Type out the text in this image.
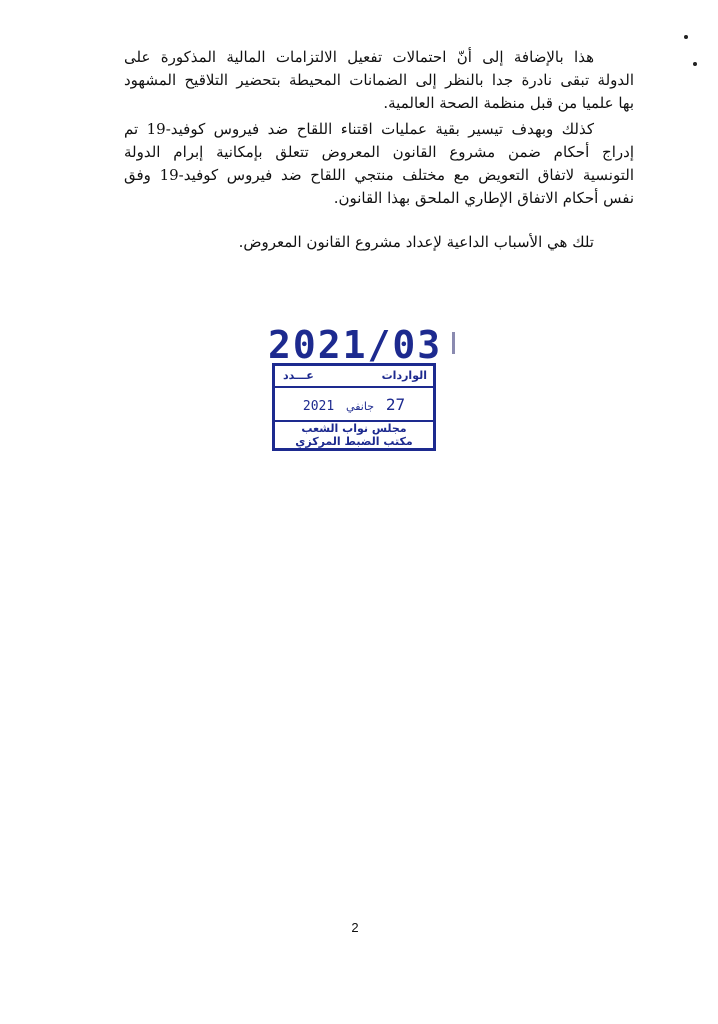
هذا بالإضافة إلى أنّ احتمالات تفعيل الالتزامات المالية المذكورة على
الدولة تبقى نادرة جدا بالنظر إلى الضمانات المحيطة بتحضير التلاقيح المشهود
بها علميا من قبل منظمة الصحة العالمية.
كذلك وبهدف تيسير بقية عمليات اقتناء اللقاح ضد فيروس كوفيد-19 تم
إدراج أحكام ضمن مشروع القانون المعروض تتعلق بإمكانية إبرام الدولة
التونسية لاتفاق التعويض مع مختلف منتجي اللقاح ضد فيروس كوفيد-19 وفق
نفس أحكام الاتفاق الإطاري الملحق بهذا القانون.
تلك هي الأسباب الداعية لإعداد مشروع القانون المعروض.
2021/03
الواردات
عـــدد
27 جانفي 2021
مجلس نواب الشعب
مكتب الضبط المركزي
2
